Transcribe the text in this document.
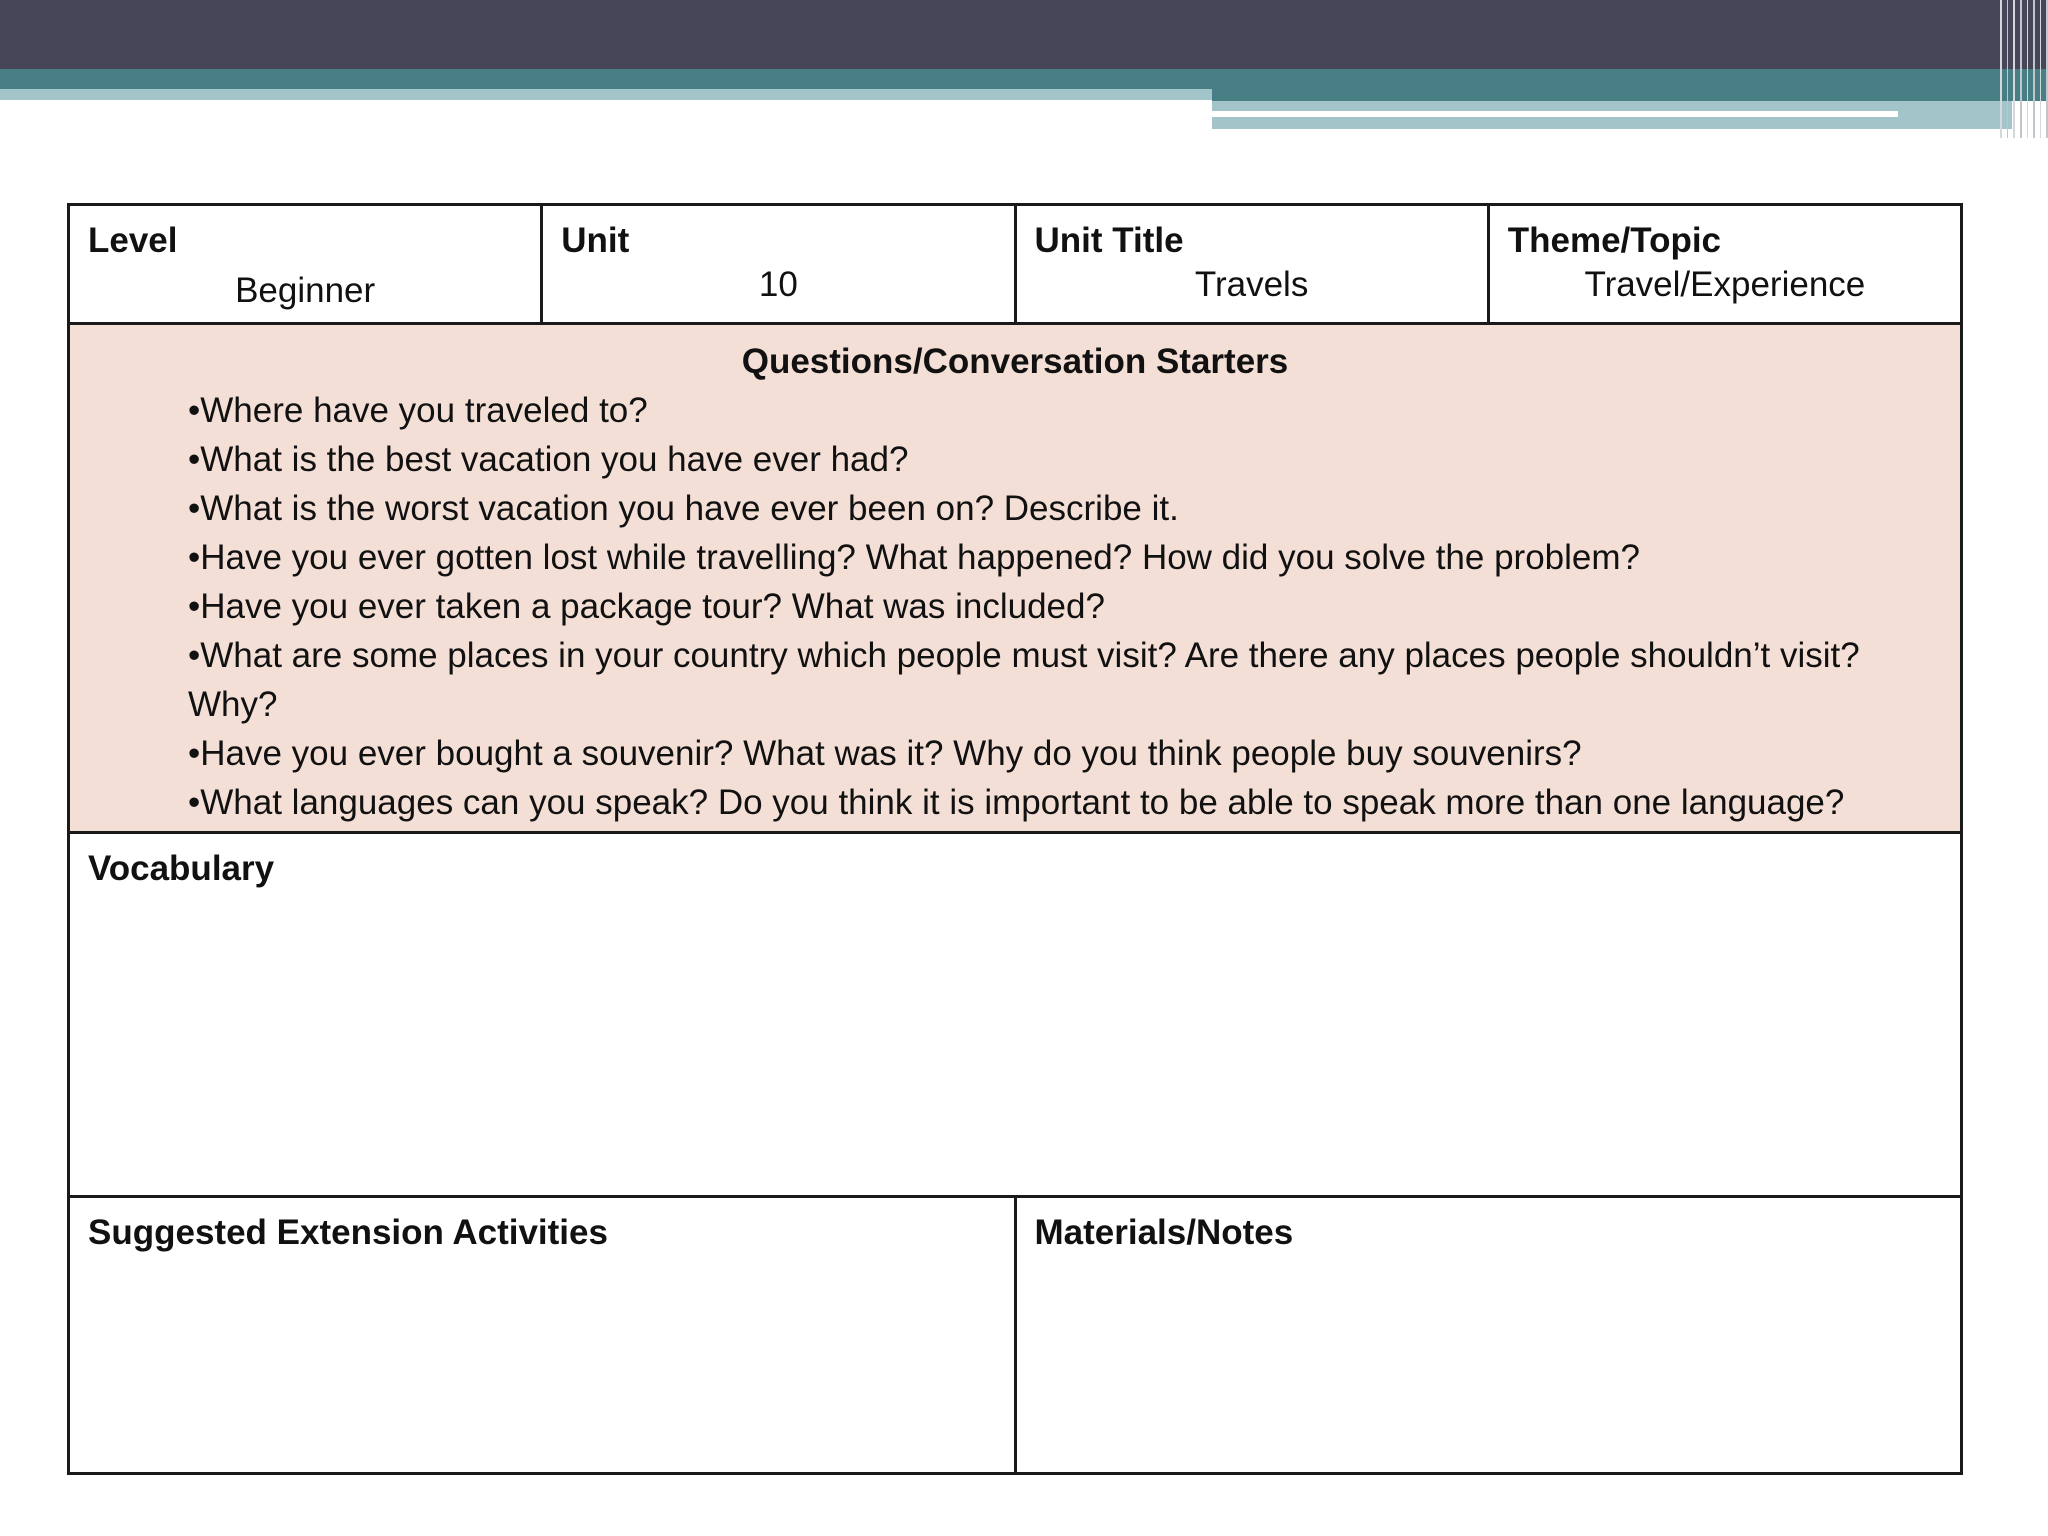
Level
Beginner
Unit
10
Unit Title
Travels
Theme/Topic
Travel/Experience
Questions/Conversation Starters
•Where have you traveled to?
•What is the best vacation you have ever had?
•What is the worst vacation you have ever been on? Describe it.
•Have you ever gotten lost while travelling? What happened? How did you solve the problem?
•Have you ever taken a package tour? What was included?
•What are some places in your country which people must visit? Are there any places people shouldn’t visit?
Why?
•Have you ever bought a souvenir? What was it? Why do you think people buy souvenirs?
•What languages can you speak? Do you think it is important to be able to speak more than one language?
Vocabulary
Suggested Extension Activities	Materials/Notes
